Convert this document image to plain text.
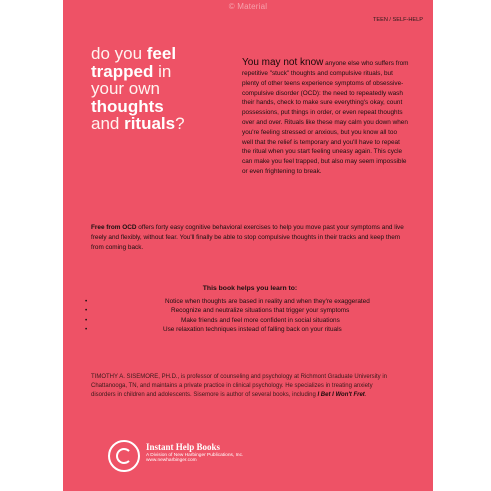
© Material
TEEN / SELF-HELP
do you feel
trapped in
your own
thoughts
and rituals?
You may not know anyone else who suffers from repetitive "stuck" thoughts and compulsive rituals, but plenty of other teens experience symptoms of obsessive-compulsive disorder (OCD): the need to repeatedly wash their hands, check to make sure everything's okay, count possessions, put things in order, or even repeat thoughts over and over. Rituals like these may calm you down when you're feeling stressed or anxious, but you know all too well that the relief is temporary and you'll have to repeat the ritual when you start feeling uneasy again. This cycle can make you feel trapped, but also may seem impossible or even frightening to break.
Free from OCD offers forty easy cognitive behavioral exercises to help you move past your symptoms and live freely and flexibly, without fear. You'll finally be able to stop compulsive thoughts in their tracks and keep them from coming back.
This book helps you learn to:
• Notice when thoughts are based in reality and when they're exaggerated
• Recognize and neutralize situations that trigger your symptoms
• Make friends and feel more confident in social situations
• Use relaxation techniques instead of falling back on your rituals
TIMOTHY A. SISEMORE, PH.D., is professor of counseling and psychology at Richmont Graduate University in Chattanooga, TN, and maintains a private practice in clinical psychology. He specializes in treating anxiety disorders in children and adolescents. Sisemore is author of several books, including I Bet I Won't Fret.
Instant Help Books
A Division of New Harbinger Publications, Inc.
www.newharbinger.com
